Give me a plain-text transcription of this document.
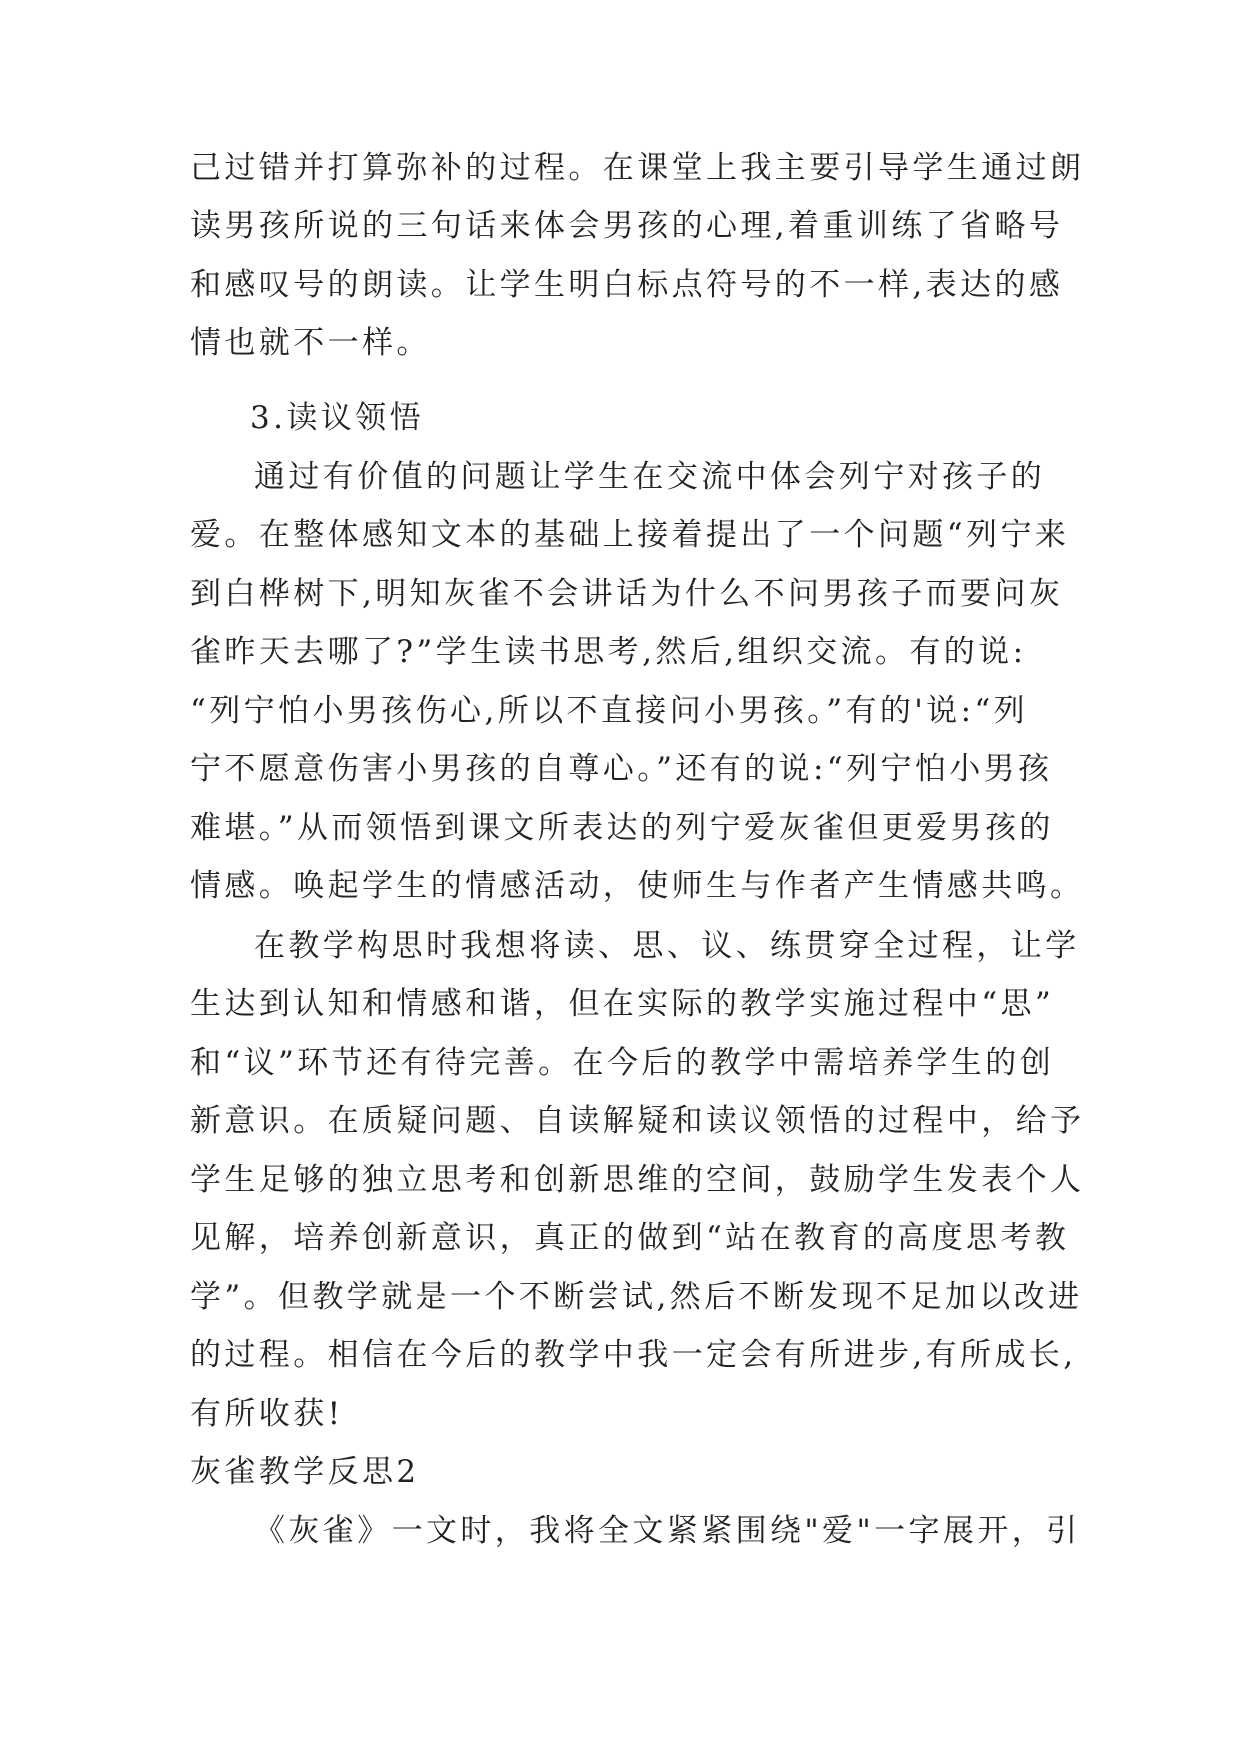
己过错并打算弥补的过程。在课堂上我主要引导学生通过朗

读男孩所说的三句话来体会男孩的心理,着重训练了省略号

和感叹号的朗读。让学生明白标点符号的不一样,表达的感

情也就不一样。

3.读议领悟

通过有价值的问题让学生在交流中体会列宁对孩子的

爱。在整体感知文本的基础上接着提出了一个问题“列宁来

到白桦树下,明知灰雀不会讲话为什么不问男孩子而要问灰

雀昨天去哪了?”学生读书思考,然后,组织交流。有的说:

“列宁怕小男孩伤心,所以不直接问小男孩。”有的'说:“列

宁不愿意伤害小男孩的自尊心。”还有的说:“列宁怕小男孩

难堪。”从而领悟到课文所表达的列宁爱灰雀但更爱男孩的

情感。唤起学生的情感活动，使师生与作者产生情感共鸣。

在教学构思时我想将读、思、议、练贯穿全过程，让学

生达到认知和情感和谐，但在实际的教学实施过程中“思”

和“议”环节还有待完善。在今后的教学中需培养学生的创

新意识。在质疑问题、自读解疑和读议领悟的过程中，给予

学生足够的独立思考和创新思维的空间，鼓励学生发表个人

见解，培养创新意识，真正的做到“站在教育的高度思考教

学”。但教学就是一个不断尝试,然后不断发现不足加以改进

的过程。相信在今后的教学中我一定会有所进步,有所成长,

有所收获!

灰雀教学反思2

《灰雀》一文时，我将全文紧紧围绕"爱"一字展开，引
